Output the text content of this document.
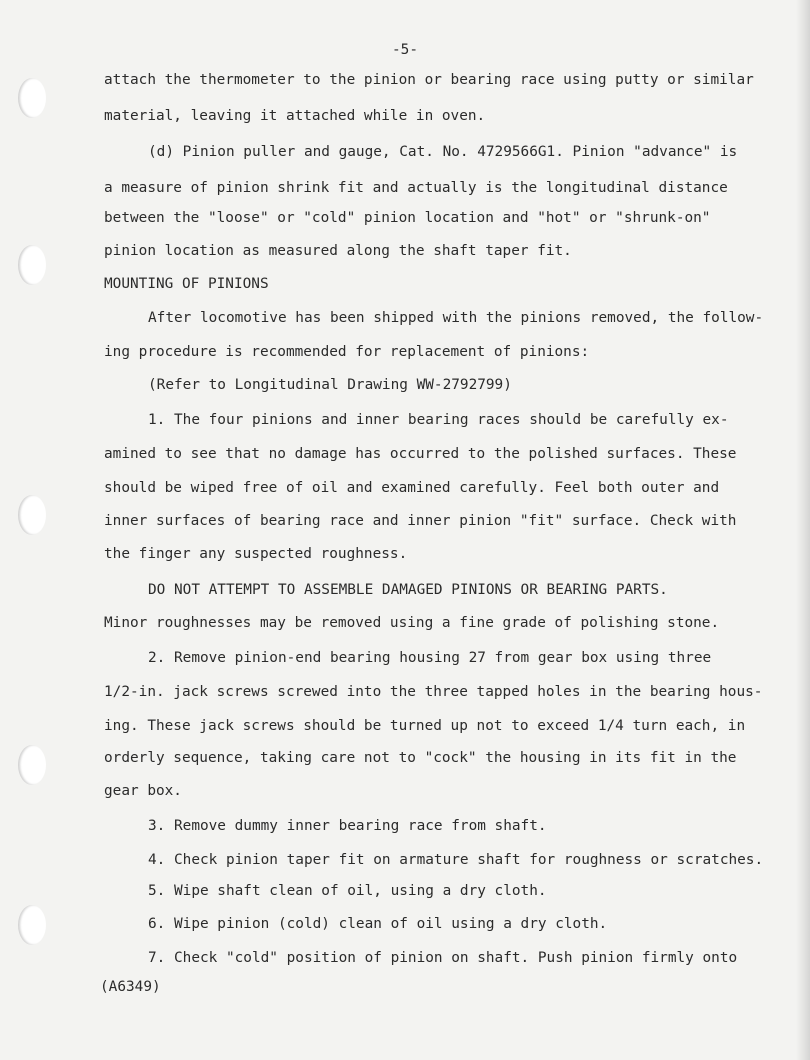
-5-
attach the thermometer to the pinion or bearing race using putty or similar
material, leaving it attached while in oven.
(d) Pinion puller and gauge, Cat. No. 4729566G1. Pinion "advance" is
a measure of pinion shrink fit and actually is the longitudinal distance
between the "loose" or "cold" pinion location and "hot" or "shrunk-on"
pinion location as measured along the shaft taper fit.
MOUNTING OF PINIONS
After locomotive has been shipped with the pinions removed, the follow-
ing procedure is recommended for replacement of pinions:
(Refer to Longitudinal Drawing WW-2792799)
1. The four pinions and inner bearing races should be carefully ex-
amined to see that no damage has occurred to the polished surfaces. These
should be wiped free of oil and examined carefully. Feel both outer and
inner surfaces of bearing race and inner pinion "fit" surface. Check with
the finger any suspected roughness.
DO NOT ATTEMPT TO ASSEMBLE DAMAGED PINIONS OR BEARING PARTS.
Minor roughnesses may be removed using a fine grade of polishing stone.
2. Remove pinion-end bearing housing 27 from gear box using three
1/2-in. jack screws screwed into the three tapped holes in the bearing hous-
ing. These jack screws should be turned up not to exceed 1/4 turn each, in
orderly sequence, taking care not to "cock" the housing in its fit in the
gear box.
3. Remove dummy inner bearing race from shaft.
4. Check pinion taper fit on armature shaft for roughness or scratches.
5. Wipe shaft clean of oil, using a dry cloth.
6. Wipe pinion (cold) clean of oil using a dry cloth.
7. Check "cold" position of pinion on shaft. Push pinion firmly onto
(A6349)
